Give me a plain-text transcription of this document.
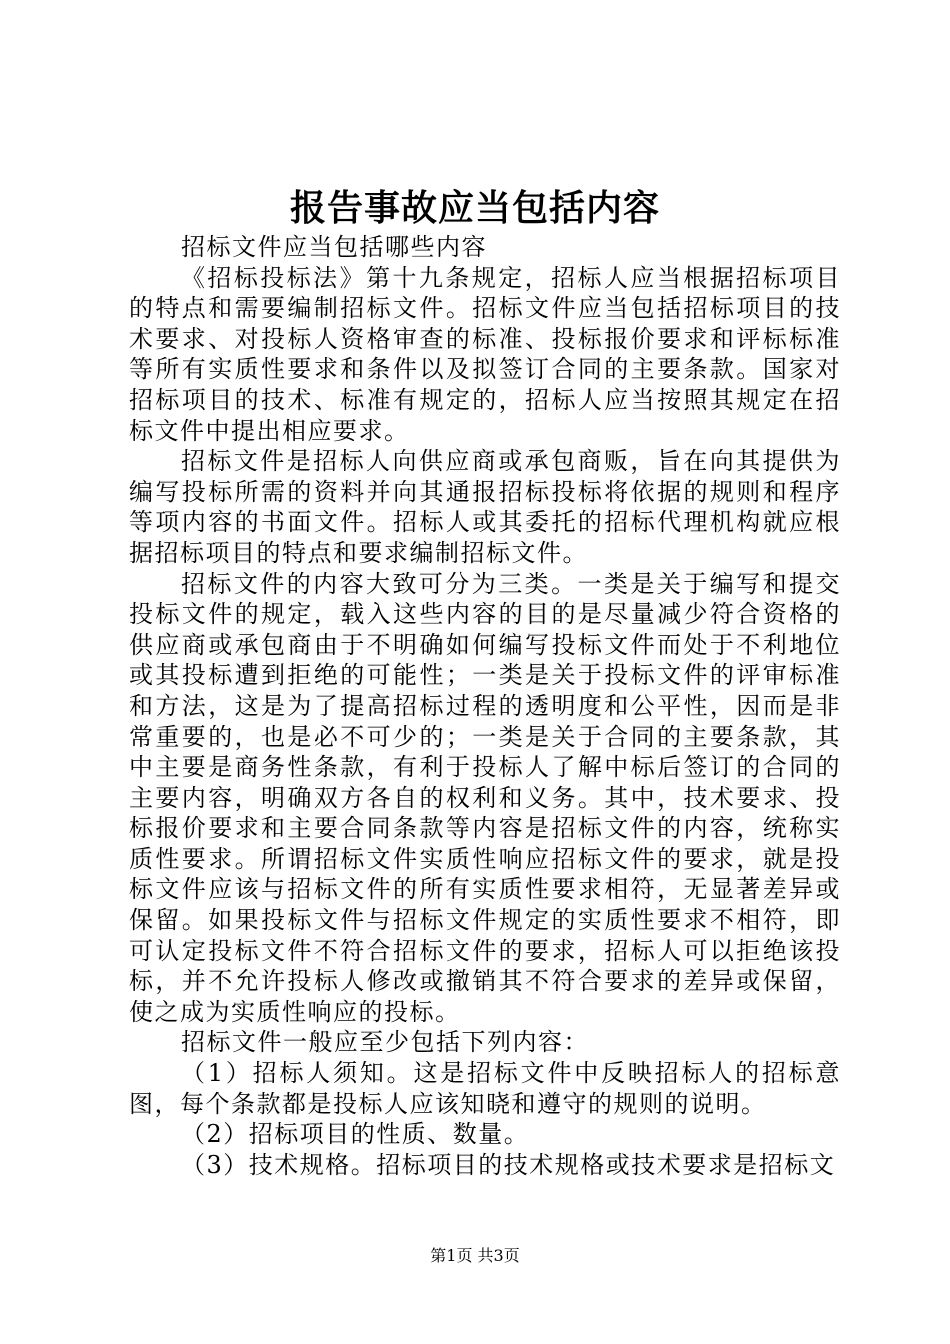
报告事故应当包括内容

招标文件应当包括哪些内容

《招标投标法》第十九条规定，招标人应当根据招标项目的特点和需要编制招标文件。招标文件应当包括招标项目的技术要求、对投标人资格审查的标准、投标报价要求和评标标准等所有实质性要求和条件以及拟签订合同的主要条款。国家对招标项目的技术、标准有规定的，招标人应当按照其规定在招标文件中提出相应要求。

招标文件是招标人向供应商或承包商贩，旨在向其提供为编写投标所需的资料并向其通报招标投标将依据的规则和程序等项内容的书面文件。招标人或其委托的招标代理机构就应根据招标项目的特点和要求编制招标文件。

招标文件的内容大致可分为三类。一类是关于编写和提交投标文件的规定，载入这些内容的目的是尽量减少符合资格的供应商或承包商由于不明确如何编写投标文件而处于不利地位或其投标遭到拒绝的可能性；一类是关于投标文件的评审标准和方法，这是为了提高招标过程的透明度和公平性，因而是非常重要的，也是必不可少的；一类是关于合同的主要条款，其中主要是商务性条款，有利于投标人了解中标后签订的合同的主要内容，明确双方各自的权利和义务。其中，技术要求、投标报价要求和主要合同条款等内容是招标文件的内容，统称实质性要求。所谓招标文件实质性响应招标文件的要求，就是投标文件应该与招标文件的所有实质性要求相符，无显著差异或保留。如果投标文件与招标文件规定的实质性要求不相符，即可认定投标文件不符合招标文件的要求，招标人可以拒绝该投标，并不允许投标人修改或撤销其不符合要求的差异或保留，使之成为实质性响应的投标。

招标文件一般应至少包括下列内容：

（1）招标人须知。这是招标文件中反映招标人的招标意图，每个条款都是投标人应该知晓和遵守的规则的说明。

（2）招标项目的性质、数量。

（3）技术规格。招标项目的技术规格或技术要求是招标文

第1页 共3页
